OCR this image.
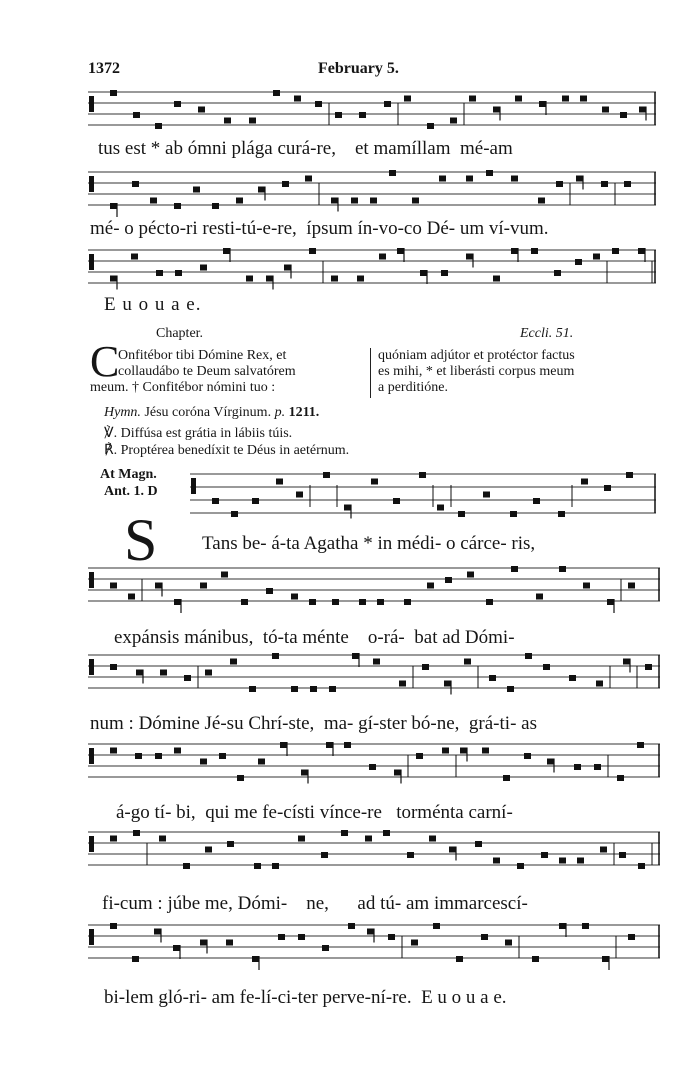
1372	February 5.
tus est * ab ómni plága curá-re, et mamíllam mé-am
mé- o pécto-ri resti-tú-e-re, ípsum ín-vo-co Dé- um ví-vum.
E u o u a e.
Chapter.	Eccli. 51.
C
Onfitébor tibi Dómine Rex, et
collaudábo te Deum salvatórem
meum. † Confitébor nómini tuo :
quóniam adjútor et protéctor factus
es mihi, * et liberásti corpus meum
a perditióne.
Hymn. Jésu coróna Vírginum. p. 1211.
℣. Diffúsa est grátia in lábiis túis.
℟. Proptérea benedíxit te Déus in aetérnum.
At Magn.
Ant. 1. D
S Tans be- á-ta Agatha * in médi- o cárce- ris,
expánsis mánibus, tó-ta ménte o-rá- bat ad Dómi-
num : Dómine Jé-su Chrí-ste, ma- gí-ster bó-ne, grá-ti- as
á-go tí- bi, qui me fe-císti víncе-re torménta carní-
fi-cum : júbe me, Dómi- ne, ad tú- am immarcescí-
bi-lem gló-ri- am fe-lí-ci-ter perve-ní-re. E u o u a e.
